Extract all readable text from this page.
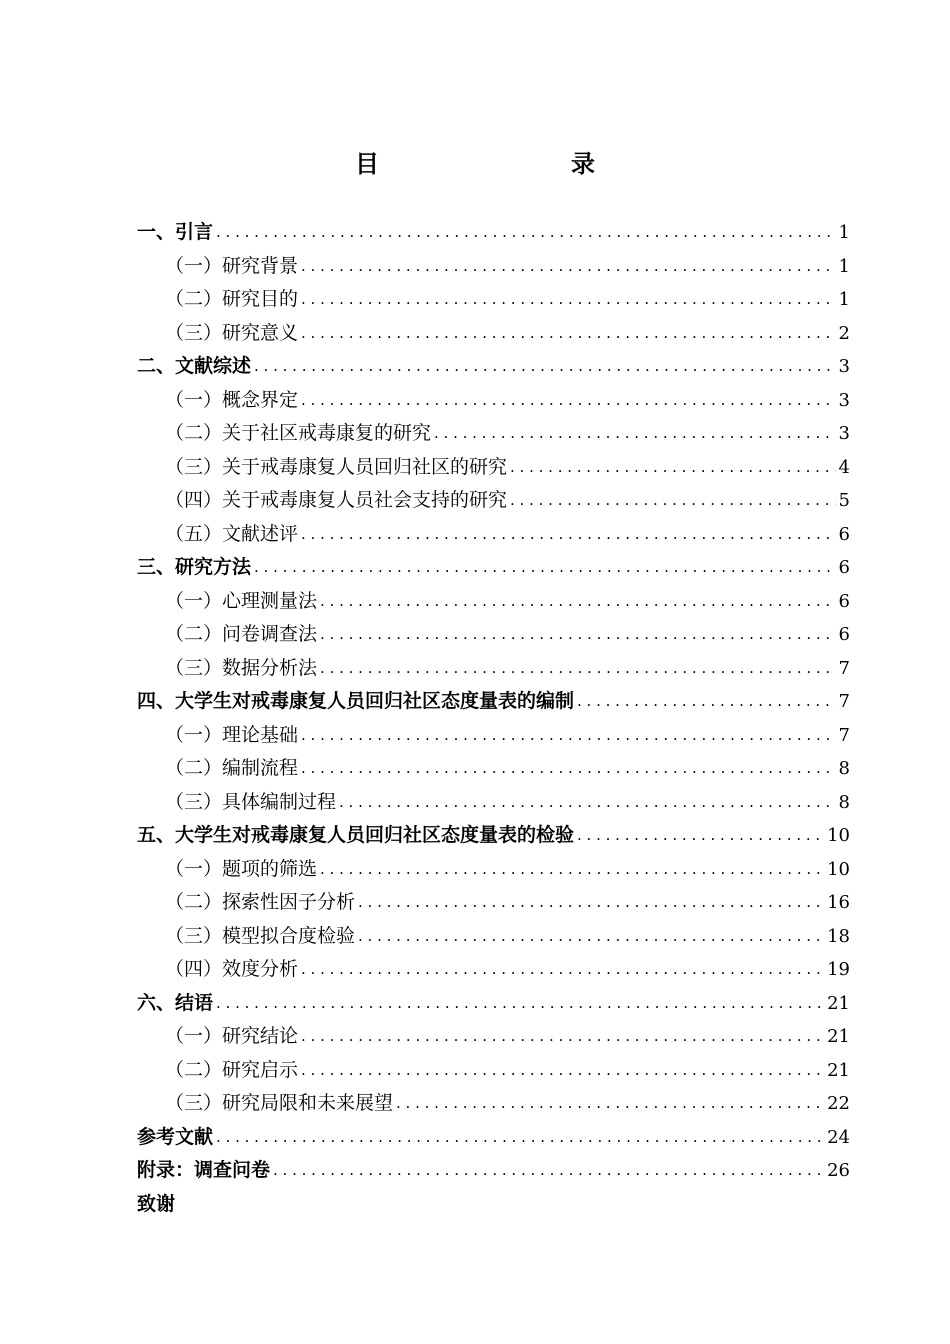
目　　录
一、引言 . . .	1
（一）研究背景 . . .	1
（二）研究目的 . . .	1
（三）研究意义 . . .	2
二、文献综述 . . .	3
（一）概念界定 . . .	3
（二）关于社区戒毒康复的研究 . . .	3
（三）关于戒毒康复人员回归社区的研究 . . .	4
（四）关于戒毒康复人员社会支持的研究 . . .	5
（五）文献述评 . . .	6
三、研究方法 . . .	6
（一）心理测量法 . . .	6
（二）问卷调查法 . . .	6
（三）数据分析法 . . .	7
四、大学生对戒毒康复人员回归社区态度量表的编制 . . .	7
（一）理论基础 . . .	7
（二）编制流程 . . .	8
（三）具体编制过程 . . .	8
五、大学生对戒毒康复人员回归社区态度量表的检验 . . .	10
（一）题项的筛选 . . .	10
（二）探索性因子分析 . . .	16
（三）模型拟合度检验 . . .	18
（四）效度分析 . . .	19
六、结语 . . .	21
（一）研究结论 . . .	21
（二）研究启示 . . .	21
（三）研究局限和未来展望 . . .	22
参考文献 . . .	24
附录：调查问卷 . . .	26
致谢
